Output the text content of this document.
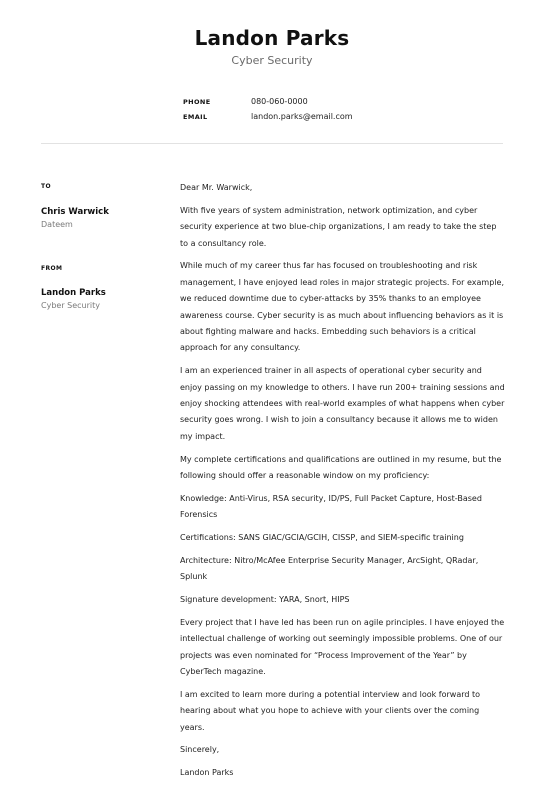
Landon Parks
Cyber Security
PHONE	080-060-0000
EMAIL	landon.parks@email.com
TO
Chris Warwick
Dateem
FROM
Landon Parks
Cyber Security

Dear Mr. Warwick,

With five years of system administration, network optimization, and cyber security experience at two blue-chip organizations, I am ready to take the step to a consultancy role.

While much of my career thus far has focused on troubleshooting and risk management, I have enjoyed lead roles in major strategic projects. For example, we reduced downtime due to cyber-attacks by 35% thanks to an employee awareness course. Cyber security is as much about influencing behaviors as it is about fighting malware and hacks. Embedding such behaviors is a critical approach for any consultancy.

I am an experienced trainer in all aspects of operational cyber security and enjoy passing on my knowledge to others. I have run 200+ training sessions and enjoy shocking attendees with real-world examples of what happens when cyber security goes wrong. I wish to join a consultancy because it allows me to widen my impact.

My complete certifications and qualifications are outlined in my resume, but the following should offer a reasonable window on my proficiency:

Knowledge: Anti-Virus, RSA security, ID/PS, Full Packet Capture, Host-Based Forensics

Certifications: SANS GIAC/GCIA/GCIH, CISSP, and SIEM-specific training

Architecture: Nitro/McAfee Enterprise Security Manager, ArcSight, QRadar, Splunk

Signature development: YARA, Snort, HIPS

Every project that I have led has been run on agile principles. I have enjoyed the intellectual challenge of working out seemingly impossible problems. One of our projects was even nominated for “Process Improvement of the Year” by CyberTech magazine.

I am excited to learn more during a potential interview and look forward to hearing about what you hope to achieve with your clients over the coming years.

Sincerely,

Landon Parks
